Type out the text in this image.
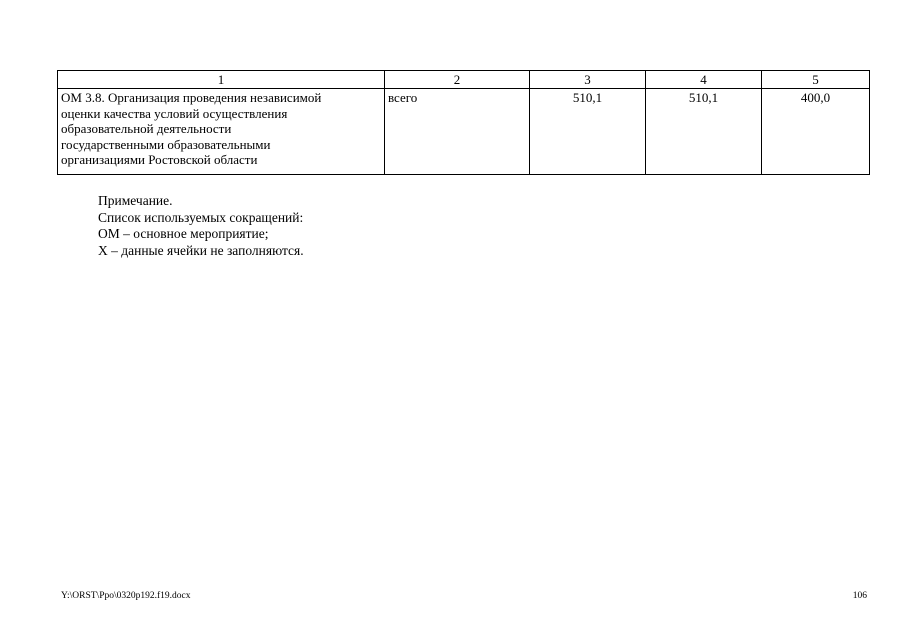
1	2	3	4	5

ОМ 3.8. Организация проведения независимой
оценки качества условий осуществления
образовательной деятельности
государственными образовательными
организациями Ростовской области	всего	510,1	510,1	400,0
Примечание.
Список используемых сокращений:
ОМ – основное мероприятие;
Х – данные ячейки не заполняются.
Y:\ORST\Ppo\0320p192.f19.docx	106
